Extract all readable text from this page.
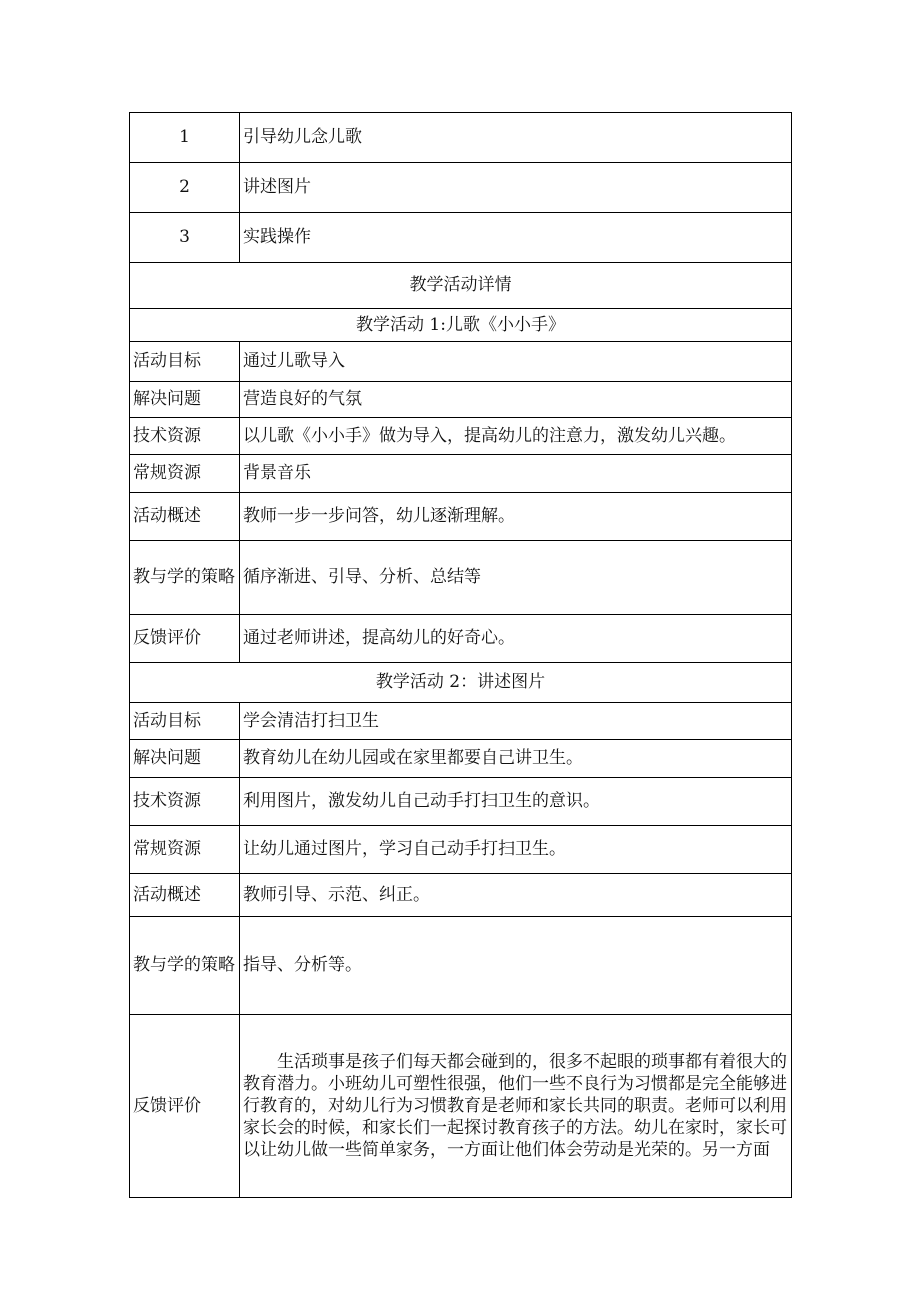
1	引导幼儿念儿歌
2	讲述图片
3	实践操作
教学活动详情	
教学活动 1:儿歌《小小手》	
活动目标	通过儿歌导入
解决问题	营造良好的气氛
技术资源	以儿歌《小小手》做为导入，提高幼儿的注意力，激发幼儿兴趣。
常规资源	背景音乐
活动概述	教师一步一步问答，幼儿逐渐理解。
教与学的策略	循序渐进、引导、分析、总结等
反馈评价	通过老师讲述，提高幼儿的好奇心。
教学活动 2：讲述图片	
活动目标	学会清洁打扫卫生
解决问题	教育幼儿在幼儿园或在家里都要自己讲卫生。
技术资源	利用图片，激发幼儿自己动手打扫卫生的意识。
常规资源	让幼儿通过图片，学习自己动手打扫卫生。
活动概述	教师引导、示范、纠正。
教与学的策略	指导、分析等。
反馈评价	生活琐事是孩子们每天都会碰到的，很多不起眼的琐事都有着很大的教育潜力。小班幼儿可塑性很强，他们一些不良行为习惯都是完全能够进行教育的，对幼儿行为习惯教育是老师和家长共同的职责。老师可以利用家长会的时候，和家长们一起探讨教育孩子的方法。幼儿在家时，家长可以让幼儿做一些简单家务，一方面让他们体会劳动是光荣的。另一方面
